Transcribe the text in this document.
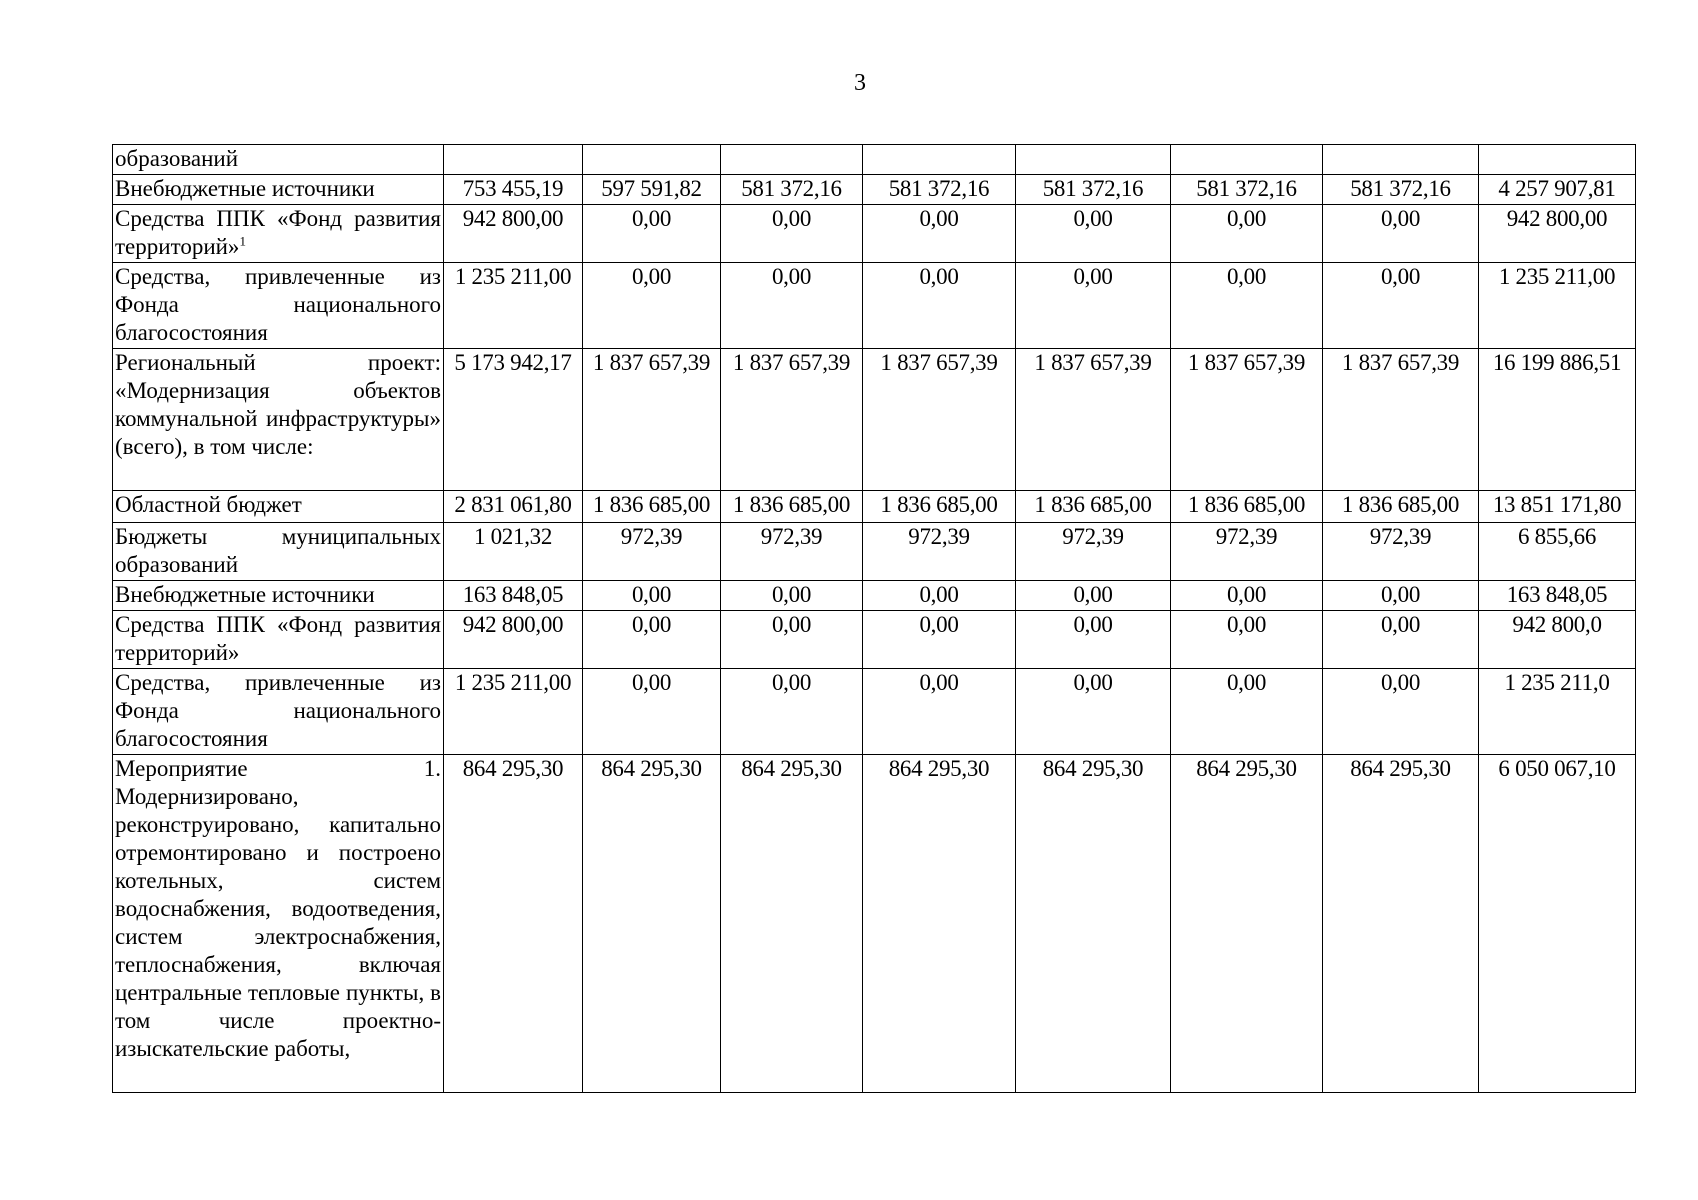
3
образований								
Внебюджетные источники	753 455,19	597 591,82	581 372,16	581 372,16	581 372,16	581 372,16	581 372,16	4 257 907,81
Средства ППК «Фонд развития территорий»$^1$	942 800,00	0,00	0,00	0,00	0,00	0,00	0,00	942 800,00
Средства, привлеченные из Фонда национального благосостояния	1 235 211,00	0,00	0,00	0,00	0,00	0,00	0,00	1 235 211,00
Региональный проект: «Модернизация объектов коммунальной инфраструктуры» (всего), в том числе:	5 173 942,17	1 837 657,39	1 837 657,39	1 837 657,39	1 837 657,39	1 837 657,39	1 837 657,39	16 199 886,51
Областной бюджет	2 831 061,80	1 836 685,00	1 836 685,00	1 836 685,00	1 836 685,00	1 836 685,00	1 836 685,00	13 851 171,80
Бюджеты муниципальных образований	1 021,32	972,39	972,39	972,39	972,39	972,39	972,39	6 855,66
Внебюджетные источники	163 848,05	0,00	0,00	0,00	0,00	0,00	0,00	163 848,05
Средства ППК «Фонд развития территорий»	942 800,00	0,00	0,00	0,00	0,00	0,00	0,00	942 800,0
Средства, привлеченные из Фонда национального благосостояния	1 235 211,00	0,00	0,00	0,00	0,00	0,00	0,00	1 235 211,0
Мероприятие 1. Модернизировано, реконструировано, капитально отремонтировано и построено котельных, систем водоснабжения, водоотведения, систем электроснабжения, теплоснабжения, включая центральные тепловые пункты, в том числе проектно-изыскательские работы,	864 295,30	864 295,30	864 295,30	864 295,30	864 295,30	864 295,30	864 295,30	6 050 067,10
